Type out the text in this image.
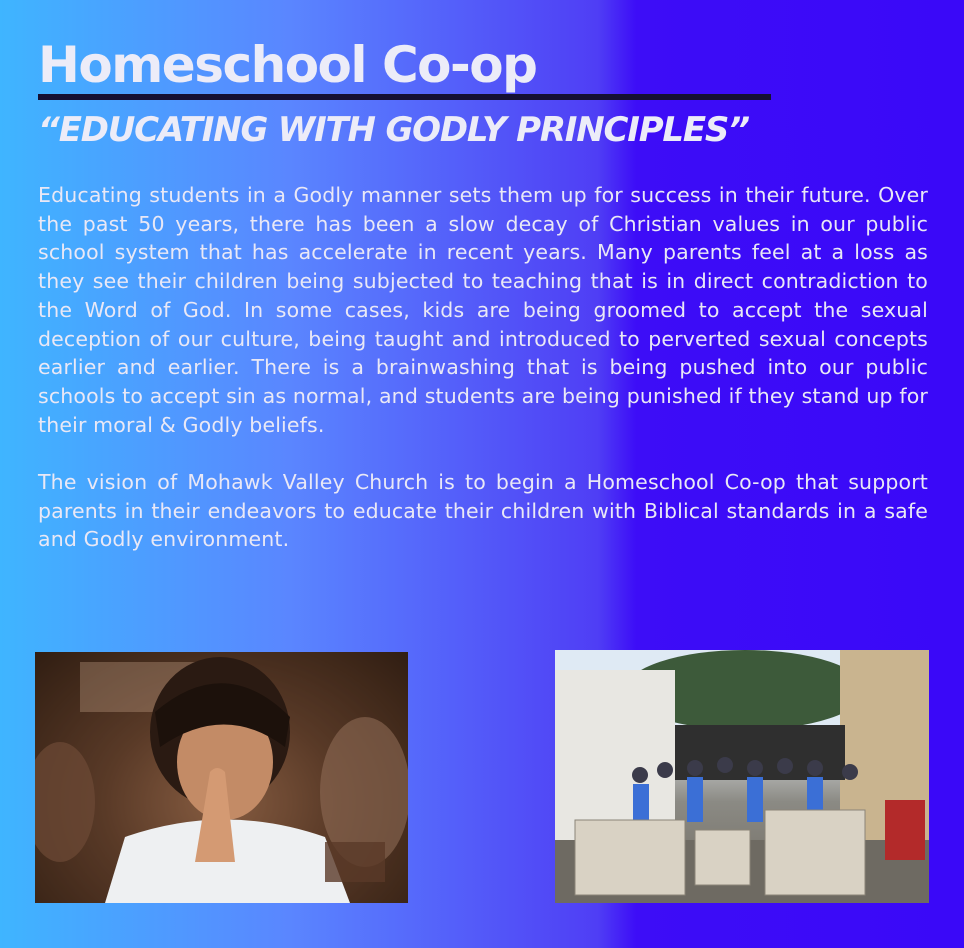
Homeschool Co-op
“EDUCATING WITH GODLY PRINCIPLES”

Educating students in a Godly manner sets them up for success in their future. Over the past 50 years, there has been a slow decay of Christian values in our public school system that has accelerate in recent years. Many parents feel at a loss as they see their children being subjected to teaching that is in direct contradiction to the Word of God. In some cases, kids are being groomed to accept the sexual deception of our culture, being taught and introduced to perverted sexual concepts earlier and earlier. There is a brainwashing that is being pushed into our public schools to accept sin as normal, and students are being punished if they stand up for their moral & Godly beliefs.

The vision of Mohawk Valley Church is to begin a Homeschool Co-op that support parents in their endeavors to educate their children with Biblical standards in a safe and Godly environment.
